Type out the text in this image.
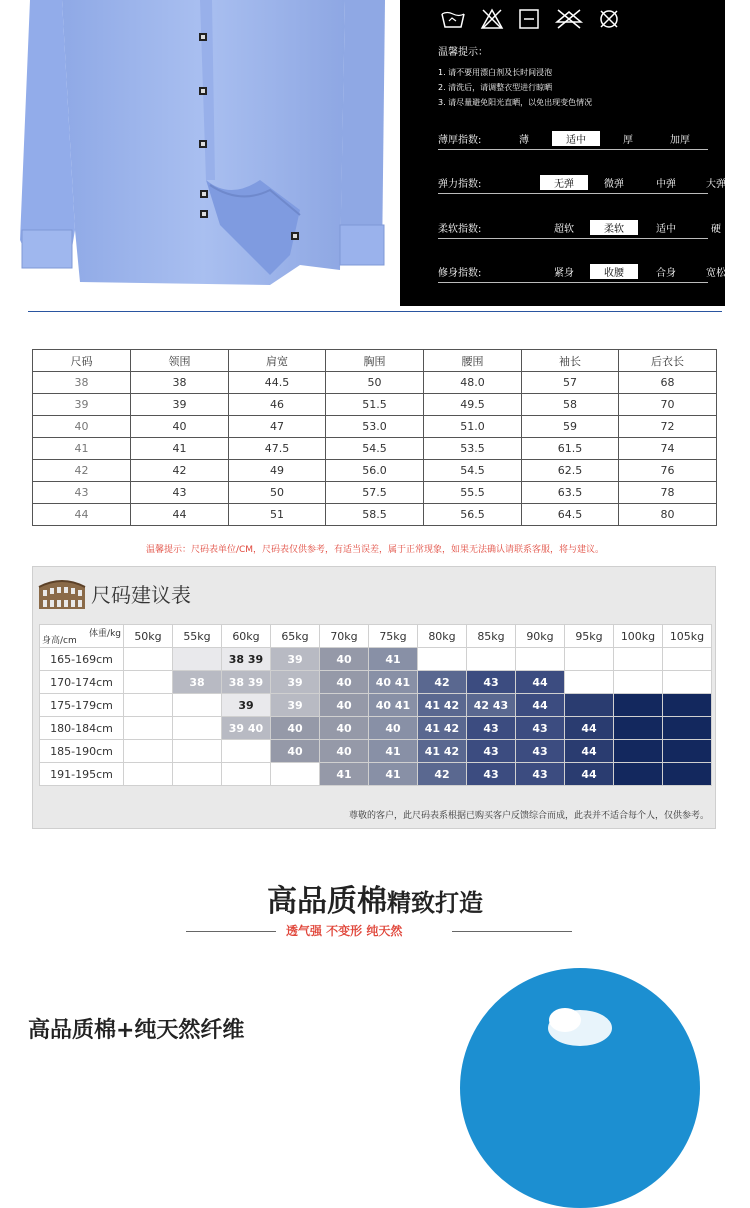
温馨提示：
1. 请不要用漂白剂及长时间浸泡
2. 清洗后，请调整衣型进行晾晒
3. 请尽量避免阳光直晒，以免出现变色情况
薄厚指数:	薄	适中	厚	加厚
弹力指数:	无弹	微弹	中弹	大弹
柔软指数:	超软	柔软	适中	硬
修身指数:	紧身	收腰	合身	宽松
尺码	领围	肩宽	胸围	腰围	袖长	后衣长
38	38	44.5	50	48.0	57	68
39	39	46	51.5	49.5	58	70
40	40	47	53.0	51.0	59	72
41	41	47.5	54.5	53.5	61.5	74
42	42	49	56.0	54.5	62.5	76
43	43	50	57.5	55.5	63.5	78
44	44	51	58.5	56.5	64.5	80
温馨提示：尺码表单位/CM，尺码表仅供参考，有适当误差，属于正常现象，如果无法确认请联系客服，将与建议。
尺码建议表
体重/kg
身高/cm	50kg	55kg	60kg	65kg	70kg	75kg	80kg	85kg	90kg	95kg	100kg	105kg
165-169cm			38 39	39	40	41						
170-174cm		38	38 39	39	40	40 41	42	43	44			
175-179cm			39	39	40	40 41	41 42	42 43	44			
180-184cm			39 40	40	40	40	41 42	43	43	44		
185-190cm				40	40	41	41 42	43	43	44		
191-195cm					41	41	42	43	43	44		
尊敬的客户，此尺码表系根据已购买客户反馈综合而成，此表并不适合每个人，仅供参考。
高品质棉精致打造
透气强 不变形 纯天然
高品质棉+纯天然纤维
